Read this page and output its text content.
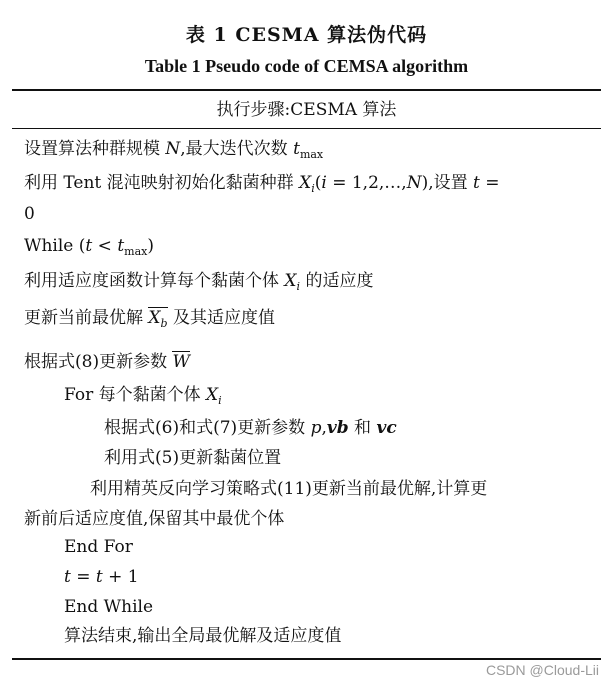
表 1 CESMA 算法伪代码
Table 1 Pseudo code of CEMSA algorithm
执行步骤:CESMA 算法
设置算法种群规模 N,最大迭代次数 $t_{max}$
利用 Tent 混沌映射初始化黏菌种群 $X_i(i$ = 1,2,…,N),设置 t =
0
While $(t < t_{max})$
利用适应度函数计算每个黏菌个体 $X_i$ 的适应度
更新当前最优解 $X_b$ 及其适应度值
根据式(8)更新参数 W
For 每个黏菌个体 $X_i$
根据式(6)和式(7)更新参数 p,vb 和 vc
利用式(5)更新黏菌位置
利用精英反向学习策略式(11)更新当前最优解,计算更
新前后适应度值,保留其中最优个体
End For
t = t + 1
End While
算法结束,输出全局最优解及适应度值
CSDN @Cloud-Lii
